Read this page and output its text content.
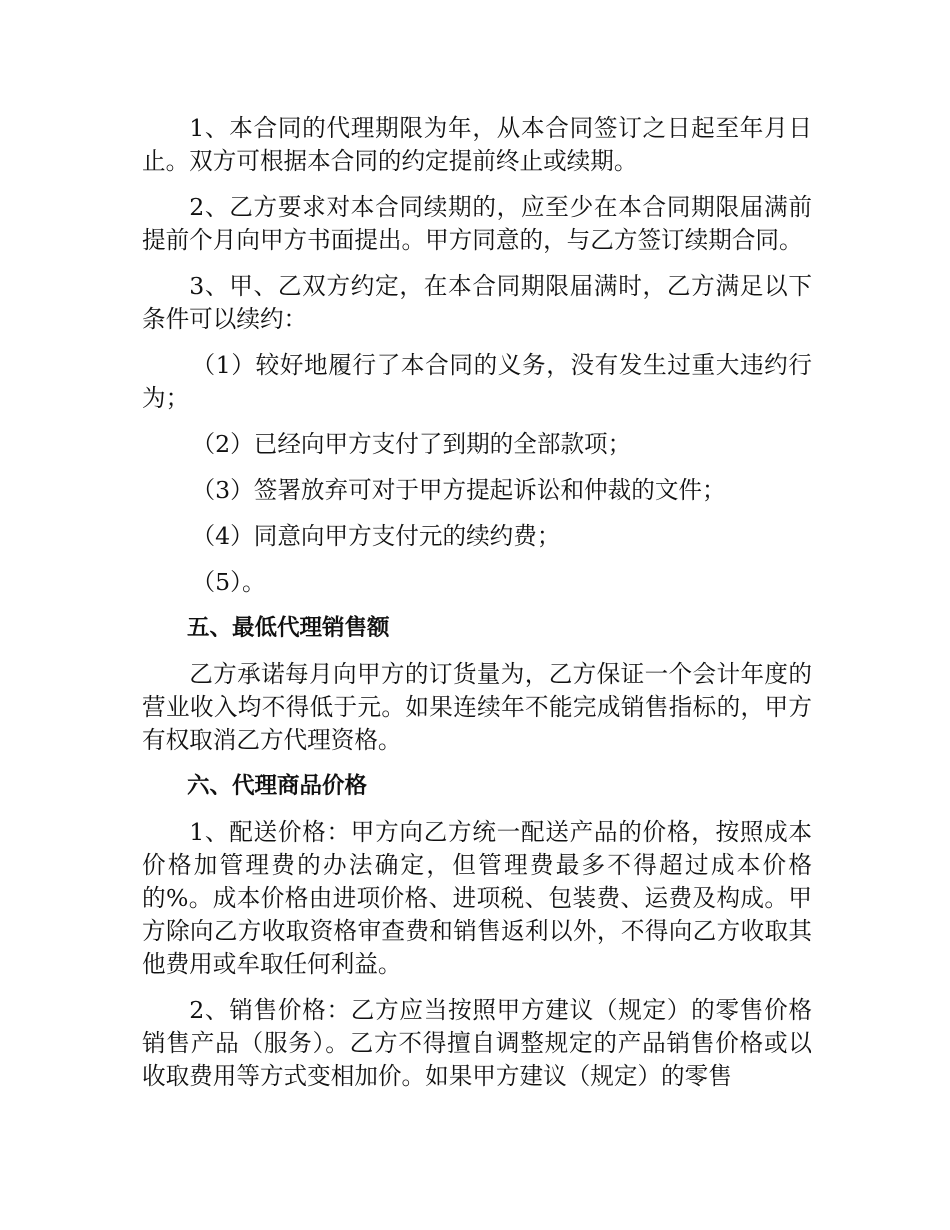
1、本合同的代理期限为年，从本合同签订之日起至年月日止。双方可根据本合同的约定提前终止或续期。

2、乙方要求对本合同续期的，应至少在本合同期限届满前提前个月向甲方书面提出。甲方同意的，与乙方签订续期合同。

3、甲、乙双方约定，在本合同期限届满时，乙方满足以下条件可以续约：

（1）较好地履行了本合同的义务，没有发生过重大违约行为；

（2）已经向甲方支付了到期的全部款项；

（3）签署放弃可对于甲方提起诉讼和仲裁的文件；

（4）同意向甲方支付元的续约费；

（5）。

五、最低代理销售额

乙方承诺每月向甲方的订货量为，乙方保证一个会计年度的营业收入均不得低于元。如果连续年不能完成销售指标的，甲方有权取消乙方代理资格。

六、代理商品价格

1、配送价格：甲方向乙方统一配送产品的价格，按照成本价格加管理费的办法确定，但管理费最多不得超过成本价格的%。成本价格由进项价格、进项税、包装费、运费及构成。甲方除向乙方收取资格审查费和销售返利以外，不得向乙方收取其他费用或牟取任何利益。

2、销售价格：乙方应当按照甲方建议（规定）的零售价格销售产品（服务）。乙方不得擅自调整规定的产品销售价格或以收取费用等方式变相加价。如果甲方建议（规定）的零售
